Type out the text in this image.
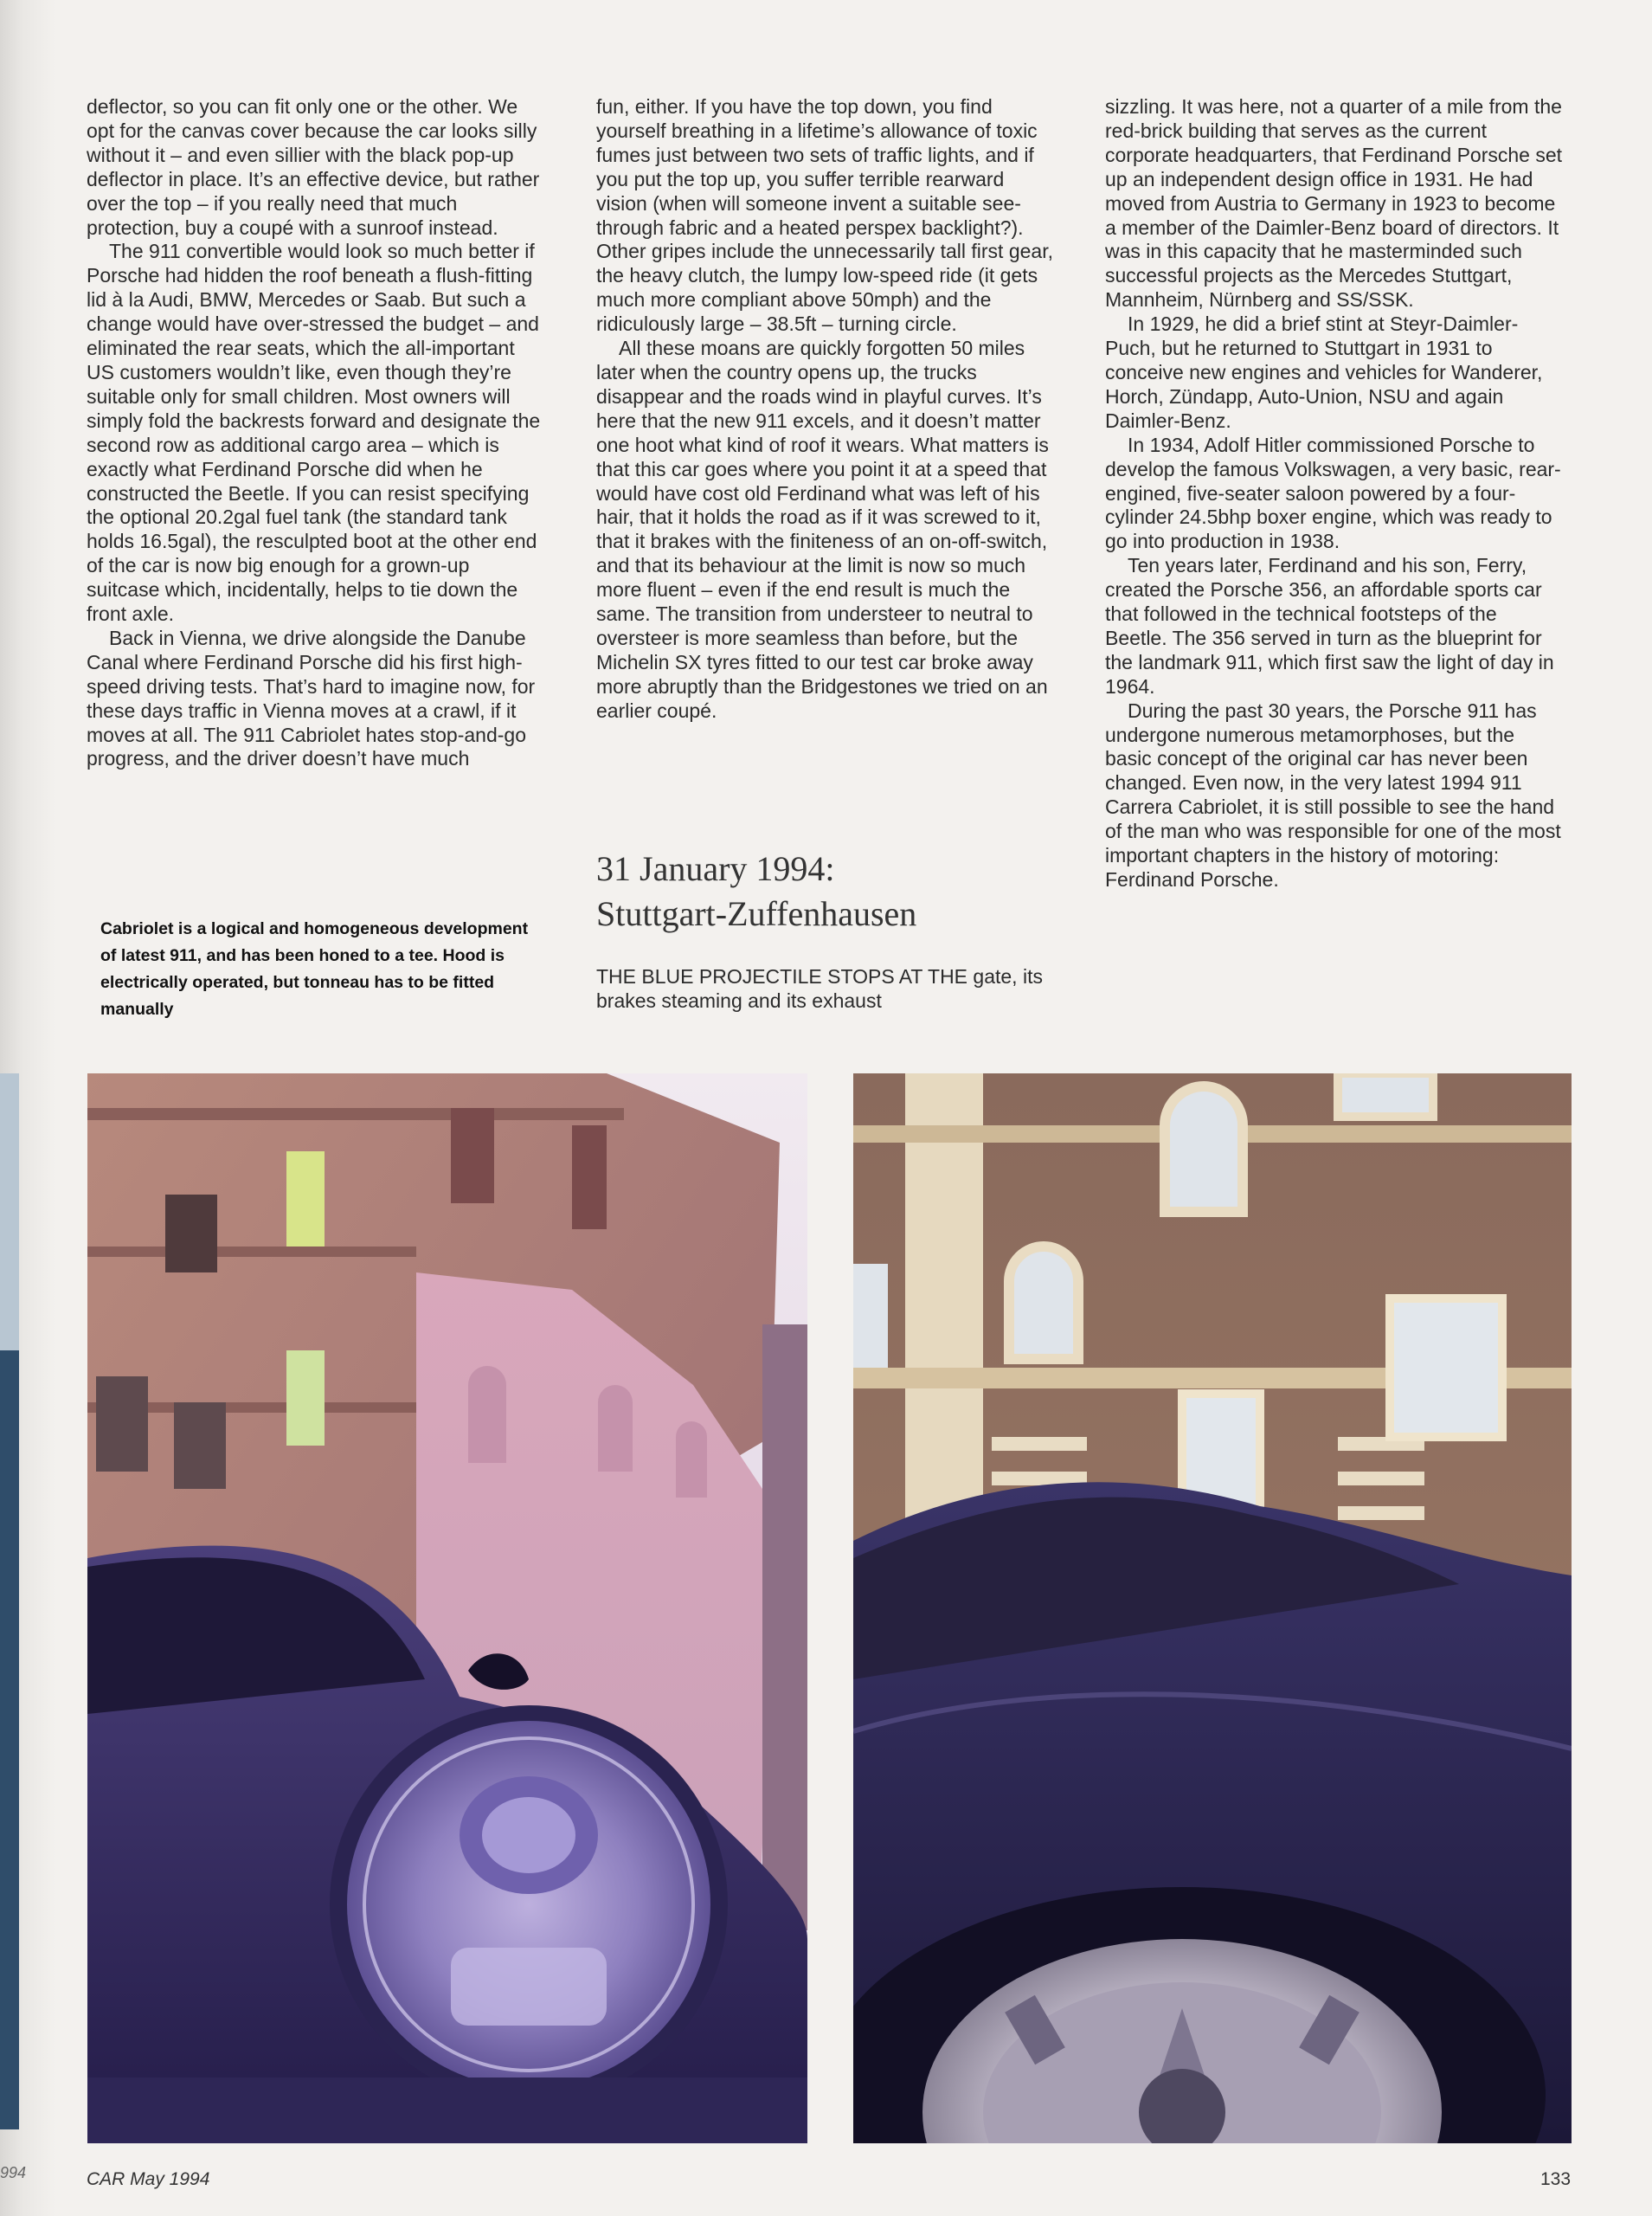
994

deflector, so you can fit only one or the other. We opt for the canvas cover because the car looks silly without it – and even sillier with the black pop-up deflector in place. It’s an effective device, but rather over the top – if you really need that much protection, buy a coupé with a sunroof instead.

The 911 convertible would look so much better if Porsche had hidden the roof beneath a flush-fitting lid à la Audi, BMW, Mercedes or Saab. But such a change would have over-stressed the budget – and eliminated the rear seats, which the all-important US customers wouldn’t like, even though they’re suitable only for small children. Most owners will simply fold the backrests forward and designate the second row as additional cargo area – which is exactly what Ferdinand Porsche did when he constructed the Beetle. If you can resist specifying the optional 20.2gal fuel tank (the standard tank holds 16.5gal), the resculpted boot at the other end of the car is now big enough for a grown-up suitcase which, incidentally, helps to tie down the front axle.

Back in Vienna, we drive alongside the Danube Canal where Ferdinand Porsche did his first high-speed driving tests. That’s hard to imagine now, for these days traffic in Vienna moves at a crawl, if it moves at all. The 911 Cabriolet hates stop-and-go progress, and the driver doesn’t have much

Cabriolet is a logical and homogeneous development of latest 911, and has been honed to a tee. Hood is electrically operated, but tonneau has to be fitted manually

fun, either. If you have the top down, you find yourself breathing in a lifetime’s allowance of toxic fumes just between two sets of traffic lights, and if you put the top up, you suffer terrible rearward vision (when will someone invent a suitable see-through fabric and a heated perspex backlight?). Other gripes include the unnecessarily tall first gear, the heavy clutch, the lumpy low-speed ride (it gets much more compliant above 50mph) and the ridiculously large – 38.5ft – turning circle.

All these moans are quickly forgotten 50 miles later when the country opens up, the trucks disappear and the roads wind in playful curves. It’s here that the new 911 excels, and it doesn’t matter one hoot what kind of roof it wears. What matters is that this car goes where you point it at a speed that would have cost old Ferdinand what was left of his hair, that it holds the road as if it was screwed to it, that it brakes with the finiteness of an on-off-switch, and that its behaviour at the limit is now so much more fluent – even if the end result is much the same. The transition from understeer to neutral to oversteer is more seamless than before, but the Michelin SX tyres fitted to our test car broke away more abruptly than the Bridgestones we tried on an earlier coupé.

31 January 1994:
Stuttgart-Zuffenhausen
THE BLUE PROJECTILE STOPS AT THE gate, its brakes steaming and its exhaust

sizzling. It was here, not a quarter of a mile from the red-brick building that serves as the current corporate headquarters, that Ferdinand Porsche set up an independent design office in 1931. He had moved from Austria to Germany in 1923 to become a member of the Daimler-Benz board of directors. It was in this capacity that he masterminded such successful projects as the Mercedes Stuttgart, Mannheim, Nürnberg and SS/SSK.

In 1929, he did a brief stint at Steyr-Daimler-Puch, but he returned to Stuttgart in 1931 to conceive new engines and vehicles for Wanderer, Horch, Zündapp, Auto-Union, NSU and again Daimler-Benz.

In 1934, Adolf Hitler commissioned Porsche to develop the famous Volkswagen, a very basic, rear-engined, five-seater saloon powered by a four-cylinder 24.5bhp boxer engine, which was ready to go into production in 1938.

Ten years later, Ferdinand and his son, Ferry, created the Porsche 356, an affordable sports car that followed in the technical footsteps of the Beetle. The 356 served in turn as the blueprint for the landmark 911, which first saw the light of day in 1964.

During the past 30 years, the Porsche 911 has undergone numerous metamorphoses, but the basic concept of the original car has never been changed. Even now, in the very latest 1994 911 Carrera Cabriolet, it is still possible to see the hand of the man who was responsible for one of the most important chapters in the history of motoring: Ferdinand Porsche.

CAR May 1994	133
